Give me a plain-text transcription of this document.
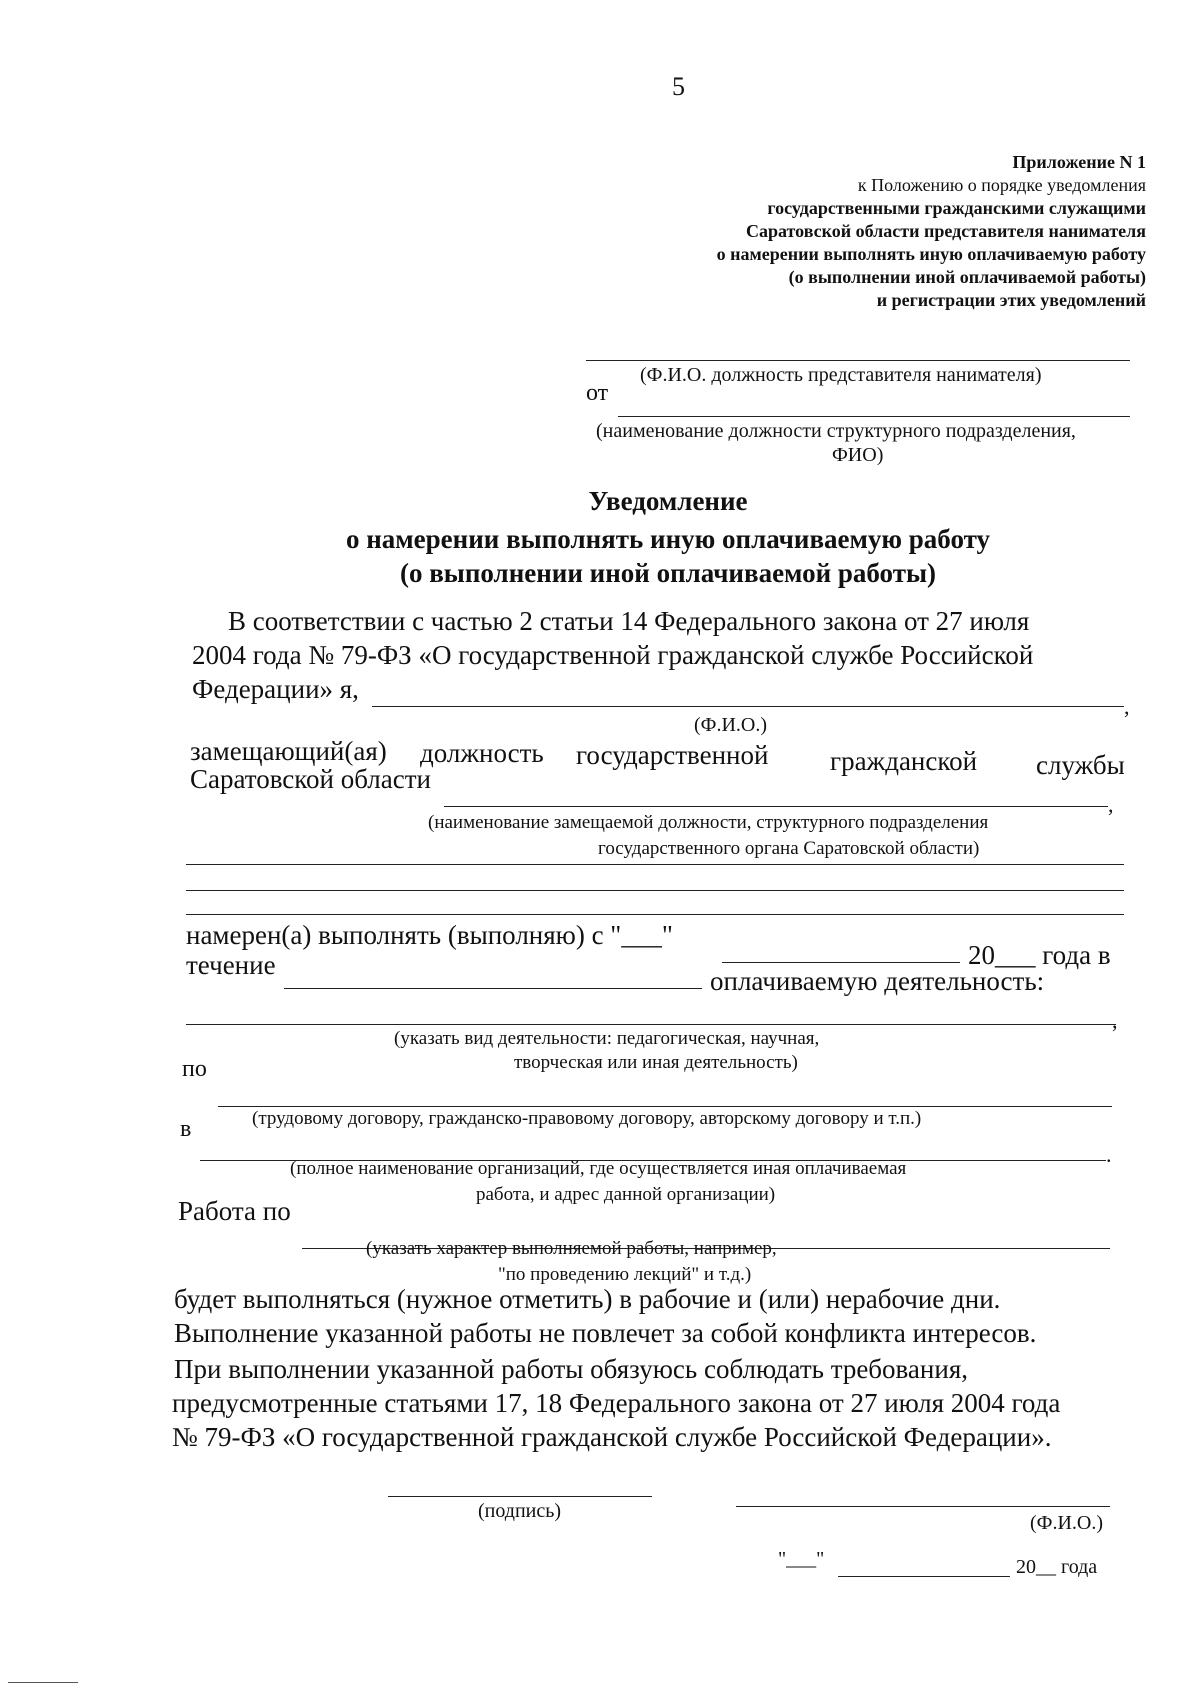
5
Приложение N 1
к Положению о порядке уведомления
государственными гражданскими служащими
Саратовской области представителя нанимателя
о намерении выполнять иную оплачиваемую работу
(о выполнении иной оплачиваемой работы)
и регистрации этих уведомлений
(Ф.И.О. должность представителя нанимателя)
от
(наименование должности структурного подразделения,
ФИО)
Уведомление
о намерении выполнять иную оплачиваемую работу
(о выполнении иной оплачиваемой работы)
В соответствии с частью 2 статьи 14 Федерального закона от 27 июля
2004 года № 79-ФЗ «О государственной гражданской службе Российской
Федерации» я,
,
(Ф.И.О.)
замещающий(ая) должность государственной гражданской службы
Саратовской области
,
(наименование замещаемой должности, структурного подразделения
государственного органа Саратовской области)
намерен(а) выполнять (выполняю) с "___"
20___ года в
течение
оплачиваемую деятельность:
,
(указать вид деятельности: педагогическая, научная,
творческая или иная деятельность)
по
(трудовому договору, гражданско-правовому договору, авторскому договору и т.п.)
в
.
(полное наименование организаций, где осуществляется иная оплачиваемая
работа, и адрес данной организации)
Работа по
(указать характер выполняемой работы, например,
"по проведению лекций" и т.д.)
будет выполняться (нужное отметить) в рабочие и (или) нерабочие дни.
Выполнение указанной работы не повлечет за собой конфликта интересов.
При выполнении указанной работы обязуюсь соблюдать требования,
предусмотренные статьями 17, 18 Федерального закона от 27 июля 2004 года
№ 79-ФЗ «О государственной гражданской службе Российской Федерации».
(подпись)
(Ф.И.О.)
"___"	20__ года
